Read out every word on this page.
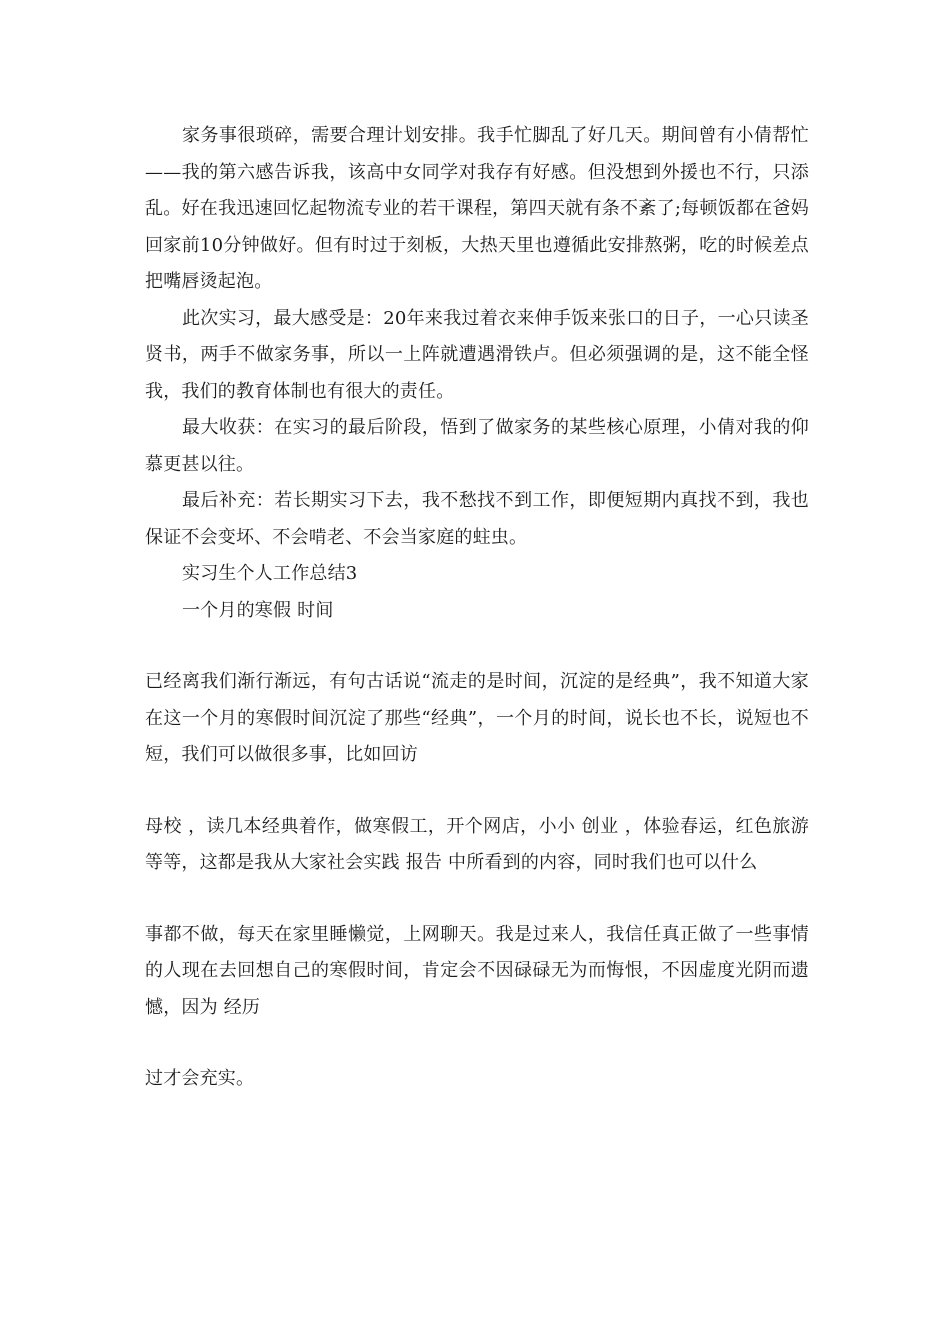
家务事很琐碎，需要合理计划安排。我手忙脚乱了好几天。期间曾有小倩帮忙——我的第六感告诉我，该高中女同学对我存有好感。但没想到外援也不行，只添乱。好在我迅速回忆起物流专业的若干课程，第四天就有条不紊了;每顿饭都在爸妈回家前10分钟做好。但有时过于刻板，大热天里也遵循此安排熬粥，吃的时候差点把嘴唇烫起泡。

此次实习，最大感受是：20年来我过着衣来伸手饭来张口的日子，一心只读圣贤书，两手不做家务事，所以一上阵就遭遇滑铁卢。但必须强调的是，这不能全怪我，我们的教育体制也有很大的责任。

最大收获：在实习的最后阶段，悟到了做家务的某些核心原理，小倩对我的仰慕更甚以往。

最后补充：若长期实习下去，我不愁找不到工作，即便短期内真找不到，我也保证不会变坏、不会啃老、不会当家庭的蛀虫。

实习生个人工作总结3

一个月的寒假 时间

已经离我们渐行渐远，有句古话说“流走的是时间，沉淀的是经典”，我不知道大家在这一个月的寒假时间沉淀了那些“经典”，一个月的时间，说长也不长，说短也不短，我们可以做很多事，比如回访

母校 ，读几本经典着作，做寒假工，开个网店，小小 创业 ，体验春运，红色旅游 等等，这都是我从大家社会实践 报告 中所看到的内容，同时我们也可以什么

事都不做，每天在家里睡懒觉，上网聊天。我是过来人，我信任真正做了一些事情的人现在去回想自己的寒假时间，肯定会不因碌碌无为而悔恨，不因虚度光阴而遗憾，因为 经历

过才会充实。
